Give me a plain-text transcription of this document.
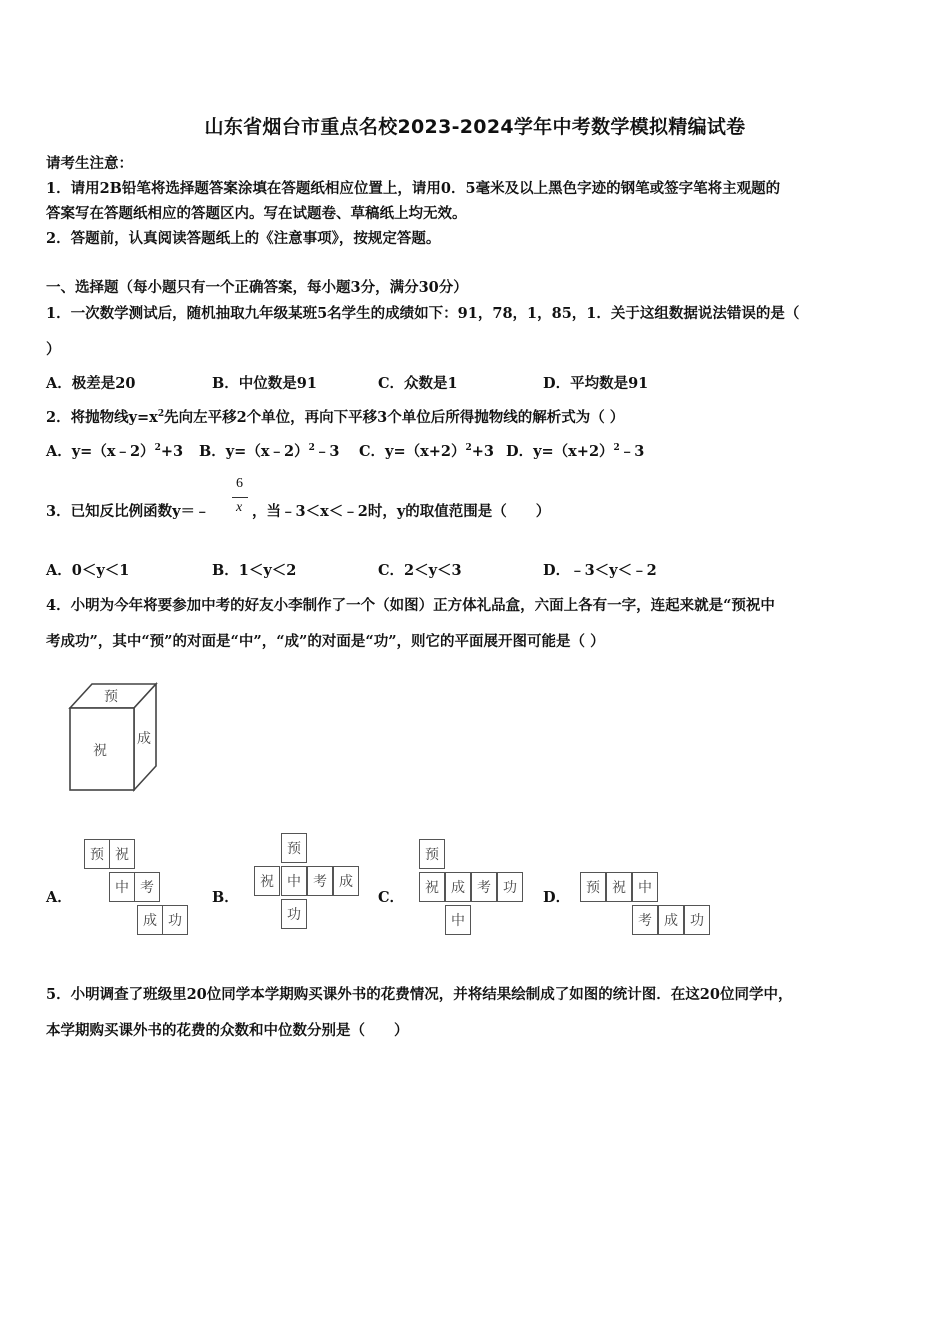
山东省烟台市重点名校2023-2024学年中考数学模拟精编试卷
请考生注意：
1．请用2B铅笔将选择题答案涂填在答题纸相应位置上，请用0．5毫米及以上黑色字迹的钢笔或签字笔将主观题的
答案写在答题纸相应的答题区内。写在试题卷、草稿纸上均无效。
2．答题前，认真阅读答题纸上的《注意事项》，按规定答题。
一、选择题（每小题只有一个正确答案，每小题3分，满分30分）
1．一次数学测试后，随机抽取九年级某班5名学生的成绩如下：91，78，1，85，1．关于这组数据说法错误的是（
）
A．极差是20	B．中位数是91	C．众数是1	D．平均数是91
2．将抛物线$y=x^2$先向左平移2个单位，再向下平移3个单位后所得抛物线的解析式为（ ）
A．y=（x﹣2）$^2$+3 B．y=（x﹣2）$^2$﹣3 C．$y=(x+2)^2+3$ D．$y=(x+2)^2﹣3$
3．已知反比例函数y＝﹣
6
x ，当﹣3＜x＜﹣2时，y的取值范围是（　　）
A．0＜y＜1	B．1＜y＜2	C．2＜y＜3	D．﹣3＜y＜﹣2
4．小明为今年将要参加中考的好友小李制作了一个（如图）正方体礼品盒，六面上各有一字，连起来就是“预祝中
考成功”，其中“预”的对面是“中”，“成”的对面是“功”，则它的平面展开图可能是（ ）
预
祝
成
A．
预 祝
中 考
成 功
B．
预
祝 中 考 成
功
C．
预
祝 成 考 功
中
D．
预 祝 中
考 成 功
5．小明调查了班级里20位同学本学期购买课外书的花费情况，并将结果绘制成了如图的统计图．在这20位同学中，
本学期购买课外书的花费的众数和中位数分别是（　　）
